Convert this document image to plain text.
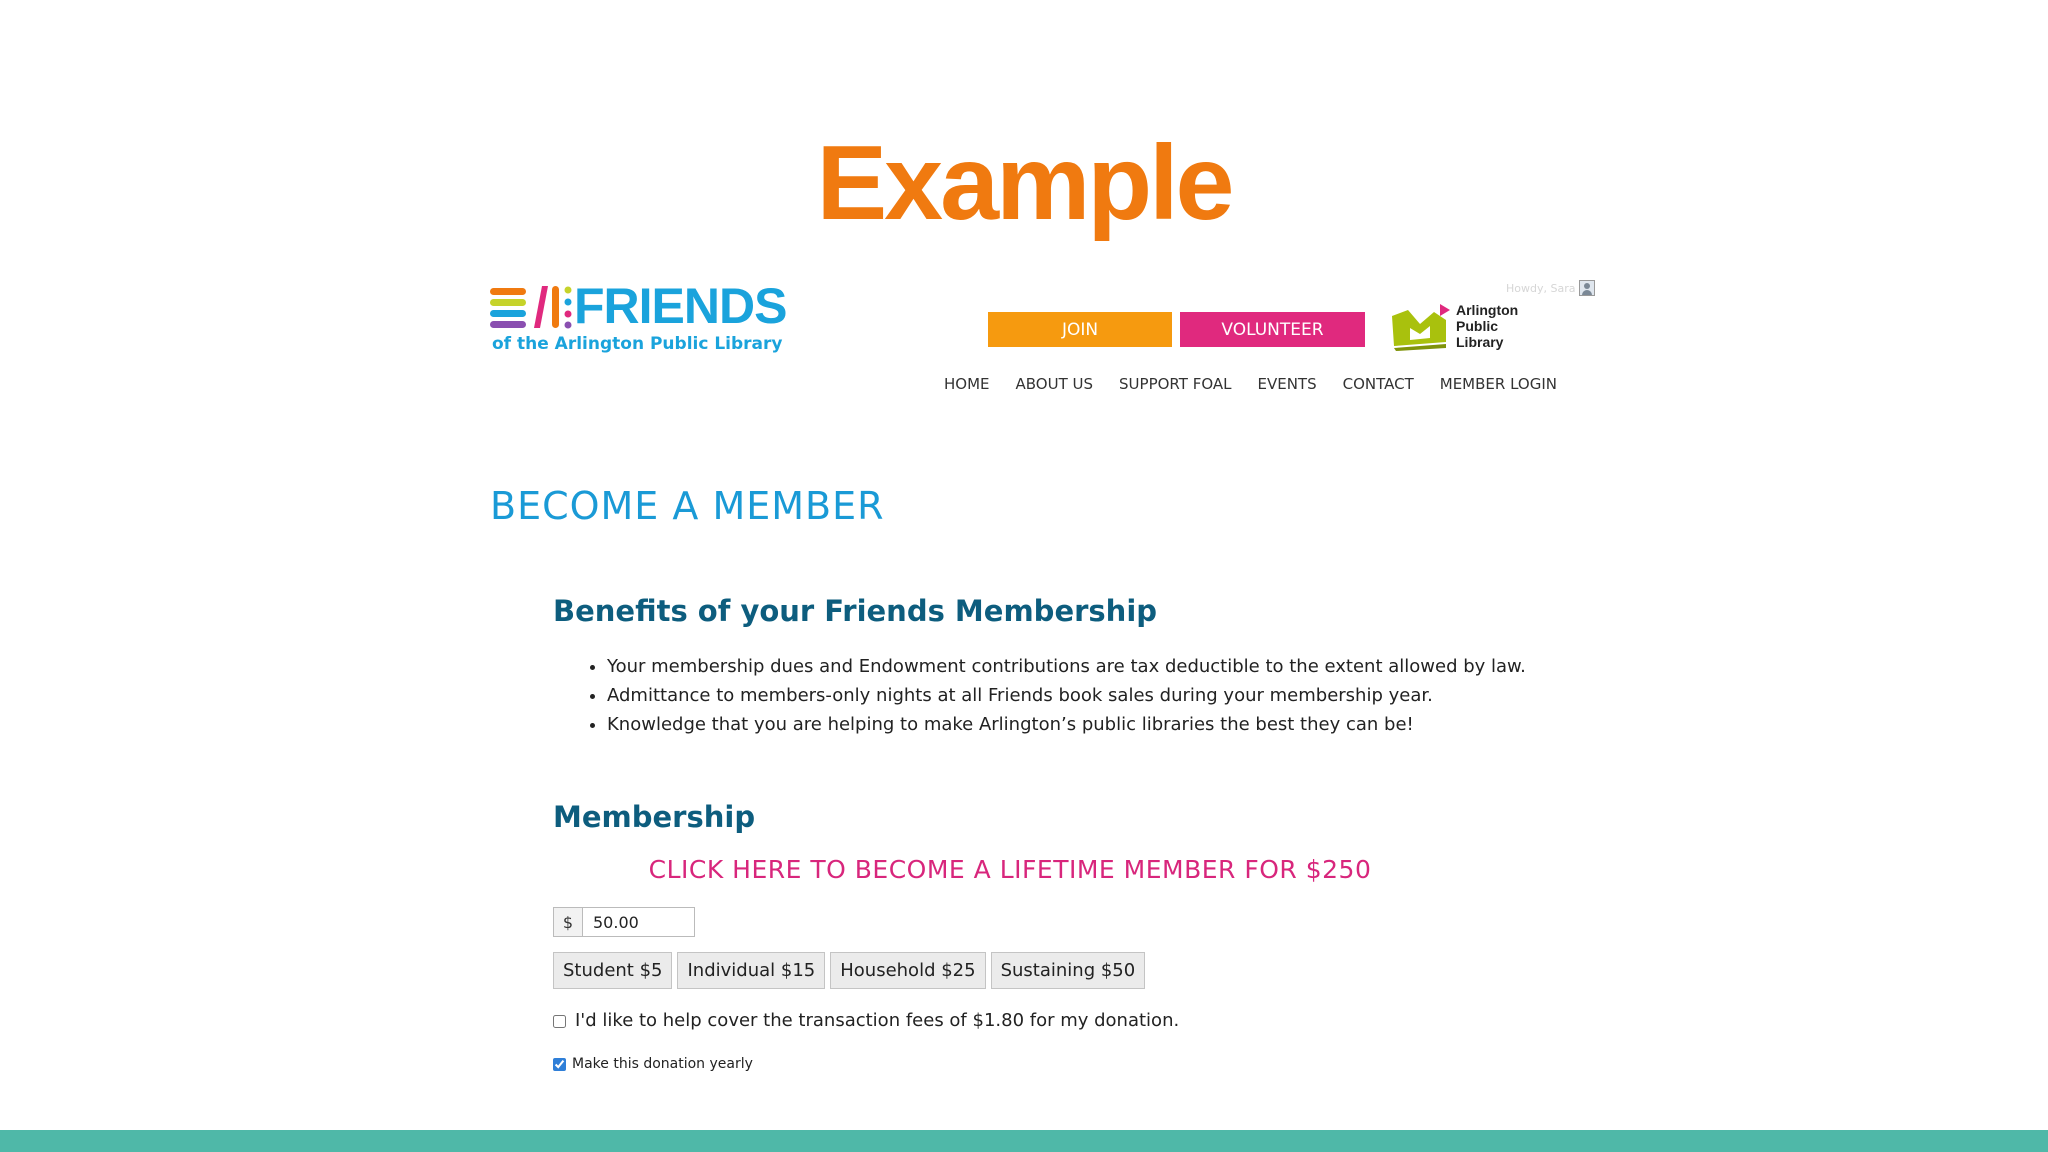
Example
FRIENDS
of the Arlington Public Library
Howdy, Sara
JOIN	VOLUNTEER
Arlington
Public
Library
HOME ABOUT US SUPPORT FOAL EVENTS CONTACT MEMBER LOGIN
BECOME A MEMBER
Benefits of your Friends Membership
• Your membership dues and Endowment contributions are tax deductible to the extent allowed by law.
• Admittance to members-only nights at all Friends book sales during your membership year.
• Knowledge that you are helping to make Arlington’s public libraries the best they can be!
Membership
CLICK HERE TO BECOME A LIFETIME MEMBER FOR $250
$
50.00
Student $5	Individual $15	Household $25	Sustaining $50
I'd like to help cover the transaction fees of $1.80 for my donation.
Make this donation yearly
